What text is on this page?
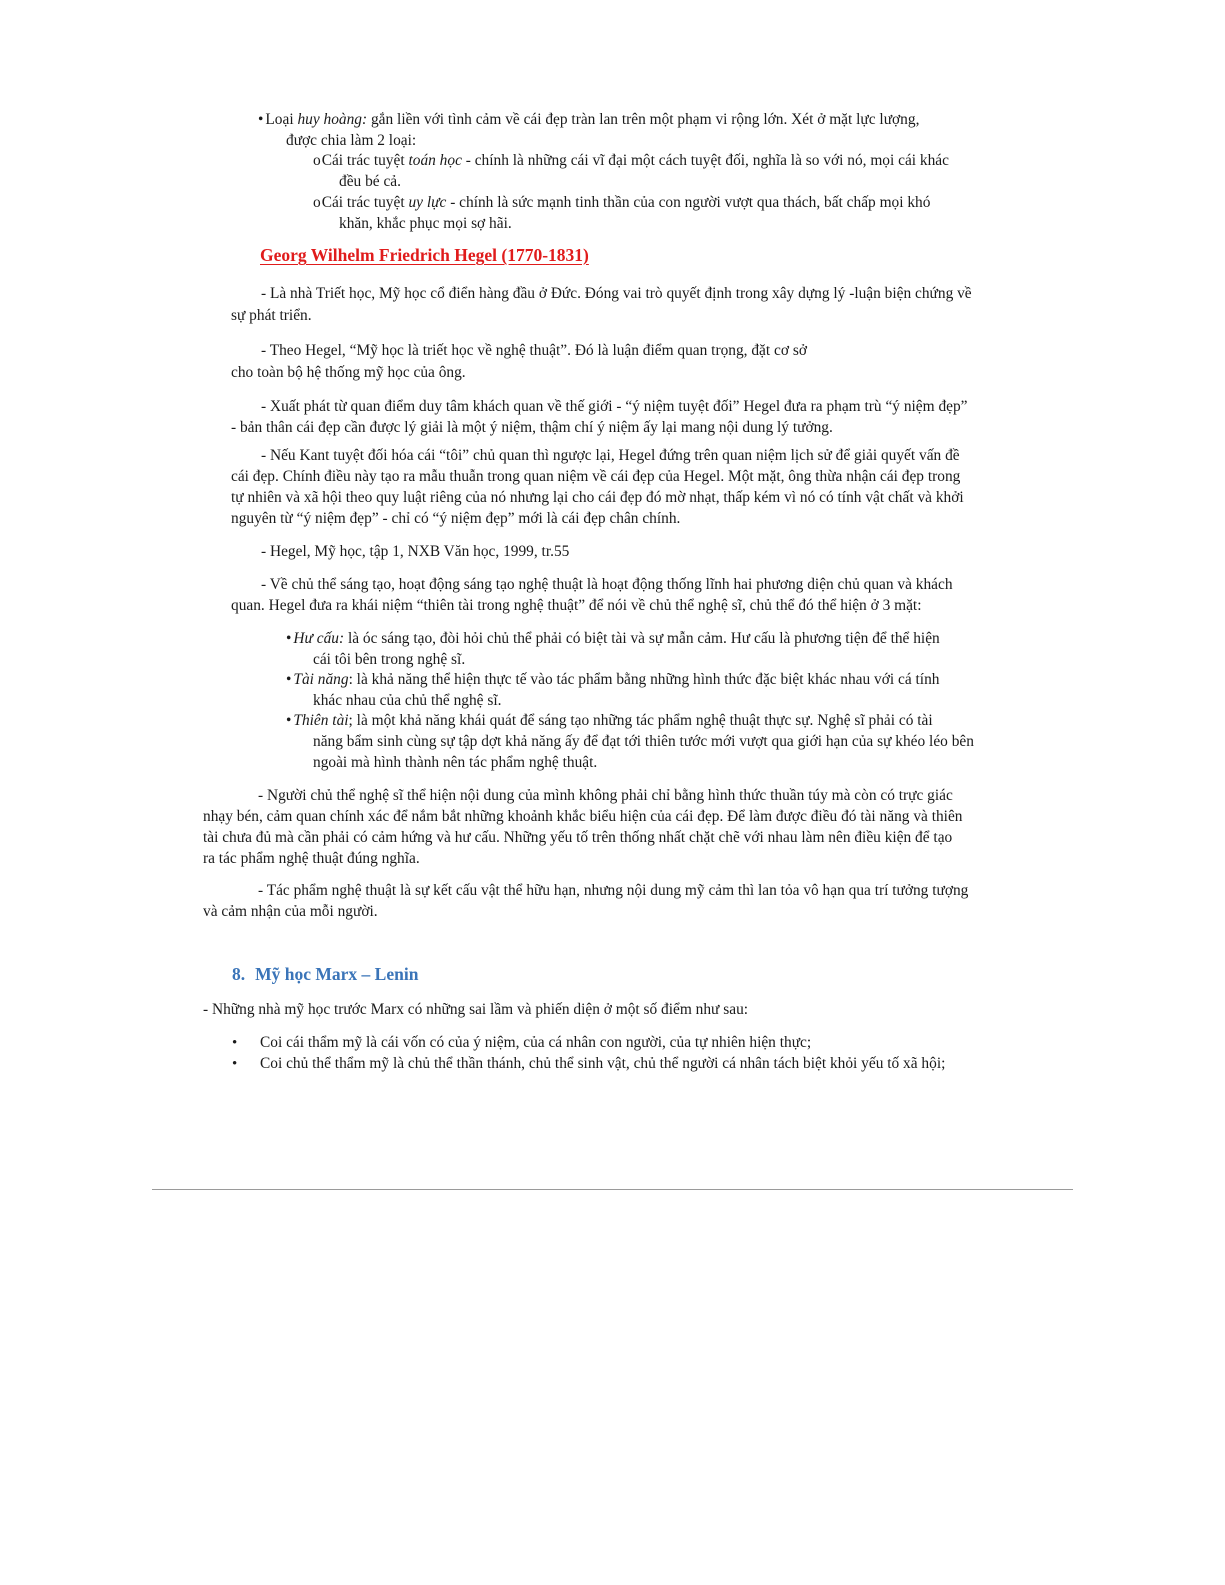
• Loại huy hoàng: gắn liền với tình cảm về cái đẹp tràn lan trên một phạm vi rộng lớn. Xét ở mặt lực lượng,
được chia làm 2 loại:
oCái trác tuyệt toán học - chính là những cái vĩ đại một cách tuyệt đối, nghĩa là so với nó, mọi cái khác
đều bé cả.
oCái trác tuyệt uy lực - chính là sức mạnh tinh thần của con người vượt qua thách, bất chấp mọi khó
khăn, khắc phục mọi sợ hãi.
Georg Wilhelm Friedrich Hegel (1770-1831)
- Là nhà Triết học, Mỹ học cổ điển hàng đầu ở Đức. Đóng vai trò quyết định trong xây dựng lý -luận biện chứng về
sự phát triển.
- Theo Hegel, “Mỹ học là triết học về nghệ thuật”. Đó là luận điểm quan trọng, đặt cơ sở
cho toàn bộ hệ thống mỹ học của ông.
- Xuất phát từ quan điểm duy tâm khách quan về thế giới - “ý niệm tuyệt đối” Hegel đưa ra phạm trù “ý niệm đẹp”
- bản thân cái đẹp cần được lý giải là một ý niệm, thậm chí ý niệm ấy lại mang nội dung lý tưởng.
- Nếu Kant tuyệt đối hóa cái “tôi” chủ quan thì ngược lại, Hegel đứng trên quan niệm lịch sử để giải quyết vấn đề
cái đẹp. Chính điều này tạo ra mẫu thuẫn trong quan niệm về cái đẹp của Hegel. Một mặt, ông thừa nhận cái đẹp trong
tự nhiên và xã hội theo quy luật riêng của nó nhưng lại cho cái đẹp đó mờ nhạt, thấp kém vì nó có tính vật chất và khởi
nguyên từ “ý niệm đẹp” - chỉ có “ý niệm đẹp” mới là cái đẹp chân chính.
- Hegel, Mỹ học, tập 1, NXB Văn học, 1999, tr.55
- Về chủ thể sáng tạo, hoạt động sáng tạo nghệ thuật là hoạt động thống lĩnh hai phương diện chủ quan và khách
quan. Hegel đưa ra khái niệm “thiên tài trong nghệ thuật” để nói về chủ thể nghệ sĩ, chủ thể đó thể hiện ở 3 mặt:
• Hư cấu: là óc sáng tạo, đòi hỏi chủ thể phải có biệt tài và sự mẫn cảm. Hư cấu là phương tiện để thể hiện
cái tôi bên trong nghệ sĩ.
• Tài năng: là khả năng thể hiện thực tế vào tác phẩm bằng những hình thức đặc biệt khác nhau với cá tính
khác nhau của chủ thể nghệ sĩ.
• Thiên tài; là một khả năng khái quát để sáng tạo những tác phẩm nghệ thuật thực sự. Nghệ sĩ phải có tài
năng bẩm sinh cùng sự tập dợt khả năng ấy để đạt tới thiên tước mới vượt qua giới hạn của sự khéo léo bên
ngoài mà hình thành nên tác phẩm nghệ thuật.
- Người chủ thể nghệ sĩ thể hiện nội dung của mình không phải chỉ bằng hình thức thuần túy mà còn có trực giác
nhạy bén, cảm quan chính xác để nắm bắt những khoảnh khắc biểu hiện của cái đẹp. Để làm được điều đó tài năng và thiên
tài chưa đủ mà cần phải có cảm hứng và hư cấu. Những yếu tố trên thống nhất chặt chẽ với nhau làm nên điều kiện để tạo
ra tác phẩm nghệ thuật đúng nghĩa.
- Tác phẩm nghệ thuật là sự kết cấu vật thể hữu hạn, nhưng nội dung mỹ cảm thì lan tỏa vô hạn qua trí tưởng tượng
và cảm nhận của mỗi người.
8. Mỹ học Marx – Lenin
- Những nhà mỹ học trước Marx có những sai lầm và phiến diện ở một số điểm như sau:
• Coi cái thẩm mỹ là cái vốn có của ý niệm, của cá nhân con người, của tự nhiên hiện thực;
• Coi chủ thể thẩm mỹ là chủ thể thần thánh, chủ thể sinh vật, chủ thể người cá nhân tách biệt khỏi yếu tố xã hội;
